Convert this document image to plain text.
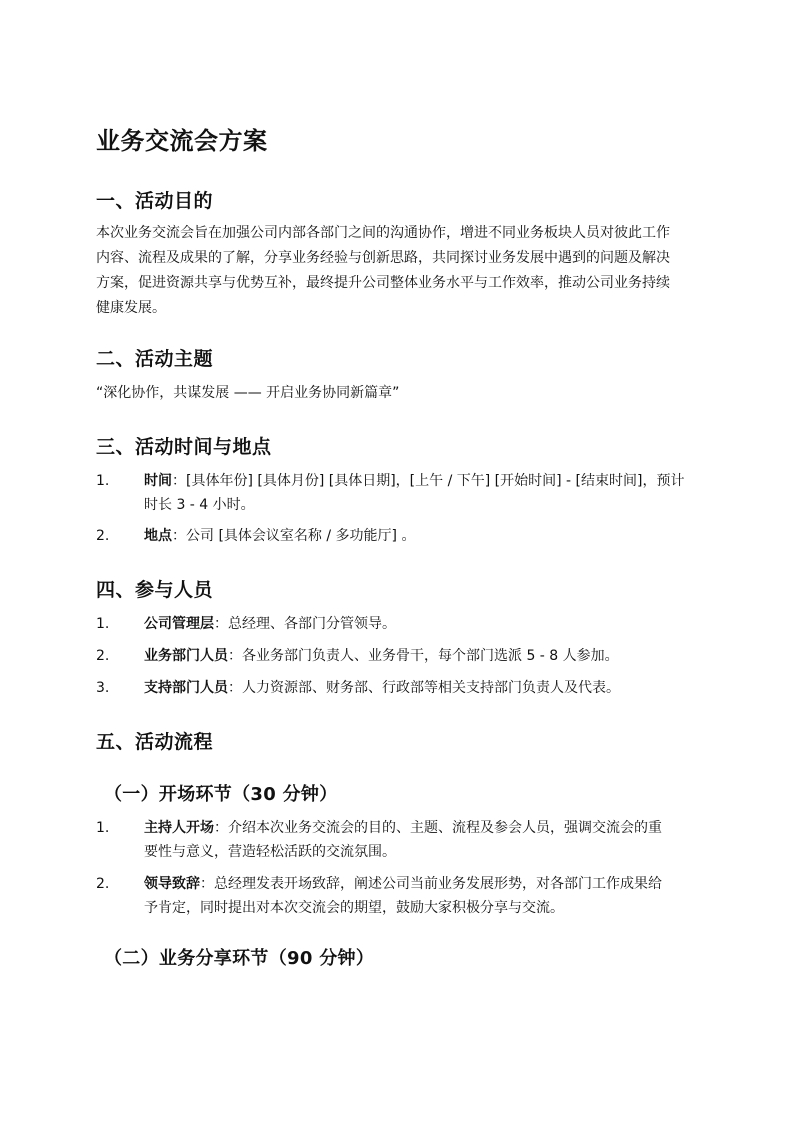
业务交流会方案
一、活动目的
本次业务交流会旨在加强公司内部各部门之间的沟通协作，增进不同业务板块人员对彼此工作
内容、流程及成果的了解，分享业务经验与创新思路，共同探讨业务发展中遇到的问题及解决
方案，促进资源共享与优势互补，最终提升公司整体业务水平与工作效率，推动公司业务持续
健康发展。
二、活动主题
“深化协作，共谋发展 —— 开启业务协同新篇章”
三、活动时间与地点
1.	时间：[具体年份] [具体月份] [具体日期]，[上午 / 下午] [开始时间] - [结束时间]，预计
时长 3 - 4 小时。
2.	地点：公司 [具体会议室名称 / 多功能厅] 。
四、参与人员
1.	公司管理层：总经理、各部门分管领导。
2.	业务部门人员：各业务部门负责人、业务骨干，每个部门选派 5 - 8 人参加。
3.	支持部门人员：人力资源部、财务部、行政部等相关支持部门负责人及代表。
五、活动流程
（一）开场环节（30 分钟）
1.	主持人开场：介绍本次业务交流会的目的、主题、流程及参会人员，强调交流会的重
要性与意义，营造轻松活跃的交流氛围。
2.	领导致辞：总经理发表开场致辞，阐述公司当前业务发展形势，对各部门工作成果给
予肯定，同时提出对本次交流会的期望，鼓励大家积极分享与交流。
（二）业务分享环节（90 分钟）
